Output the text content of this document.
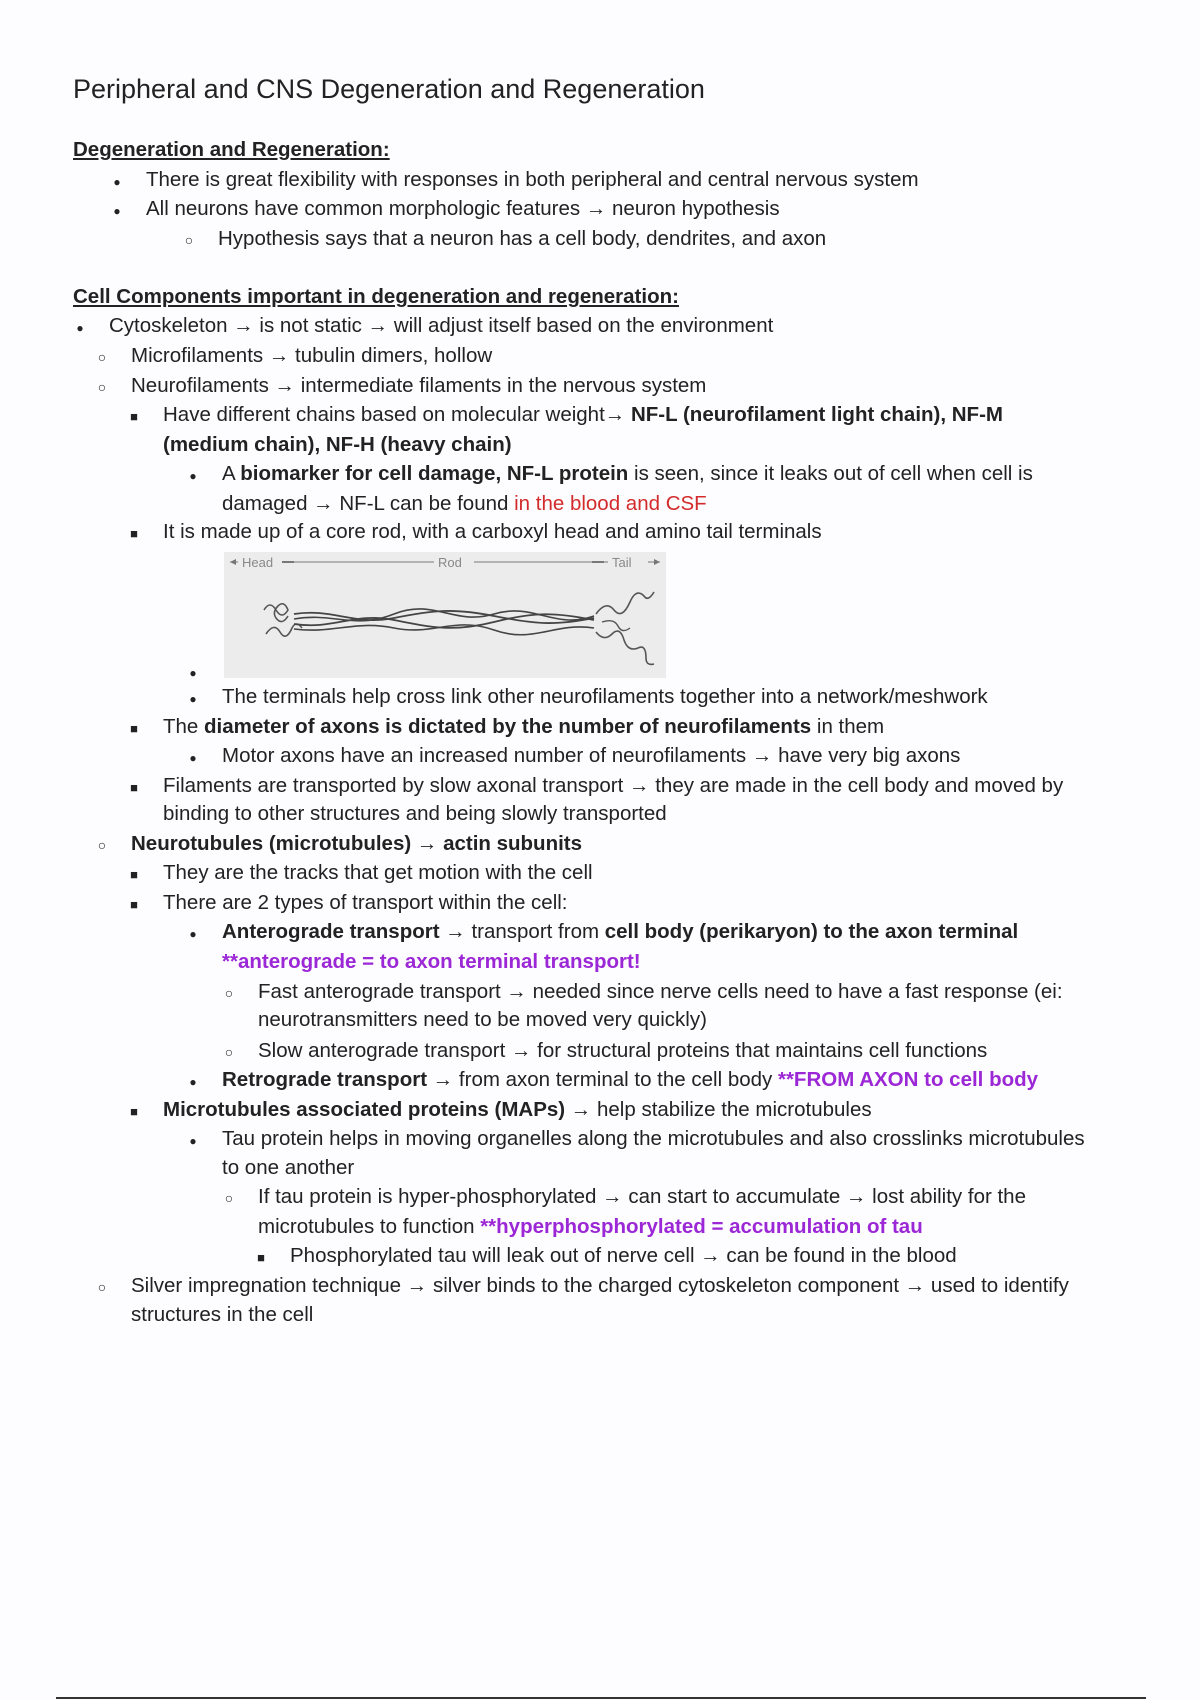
Peripheral and CNS Degeneration and Regeneration
Degeneration and Regeneration:
●
There is great flexibility with responses in both peripheral and central nervous system
●
All neurons have common morphologic features → neuron hypothesis
○
Hypothesis says that a neuron has a cell body, dendrites, and axon
Cell Components important in degeneration and regeneration:
●
Cytoskeleton → is not static → will adjust itself based on the environment
○
Microfilaments → tubulin dimers, hollow
○
Neurofilaments → intermediate filaments in the nervous system
■
Have different chains based on molecular weight→ NF-L (neurofilament light chain), NF-M
(medium chain), NF-H (heavy chain)
●
A biomarker for cell damage, NF-L protein is seen, since it leaks out of cell when cell is
damaged → NF-L can be found in the blood and CSF
■
It is made up of a core rod, with a carboxyl head and amino tail terminals
Head	Rod	Tail
●
●
The terminals help cross link other neurofilaments together into a network/meshwork
■
The diameter of axons is dictated by the number of neurofilaments in them
●
Motor axons have an increased number of neurofilaments → have very big axons
■
Filaments are transported by slow axonal transport → they are made in the cell body and moved by
binding to other structures and being slowly transported
○
Neurotubules (microtubules) → actin subunits
■
They are the tracks that get motion with the cell
■
There are 2 types of transport within the cell:
●
Anterograde transport → transport from cell body (perikaryon) to the axon terminal
**anterograde = to axon terminal transport!
○
Fast anterograde transport → needed since nerve cells need to have a fast response (ei:
neurotransmitters need to be moved very quickly)
○
Slow anterograde transport → for structural proteins that maintains cell functions
●
Retrograde transport → from axon terminal to the cell body **FROM AXON to cell body
■
Microtubules associated proteins (MAPs) → help stabilize the microtubules
●
Tau protein helps in moving organelles along the microtubules and also crosslinks microtubules
to one another
○
If tau protein is hyper-phosphorylated → can start to accumulate → lost ability for the
microtubules to function **hyperphosphorylated = accumulation of tau
■
Phosphorylated tau will leak out of nerve cell → can be found in the blood
○
Silver impregnation technique → silver binds to the charged cytoskeleton component → used to identify
structures in the cell
